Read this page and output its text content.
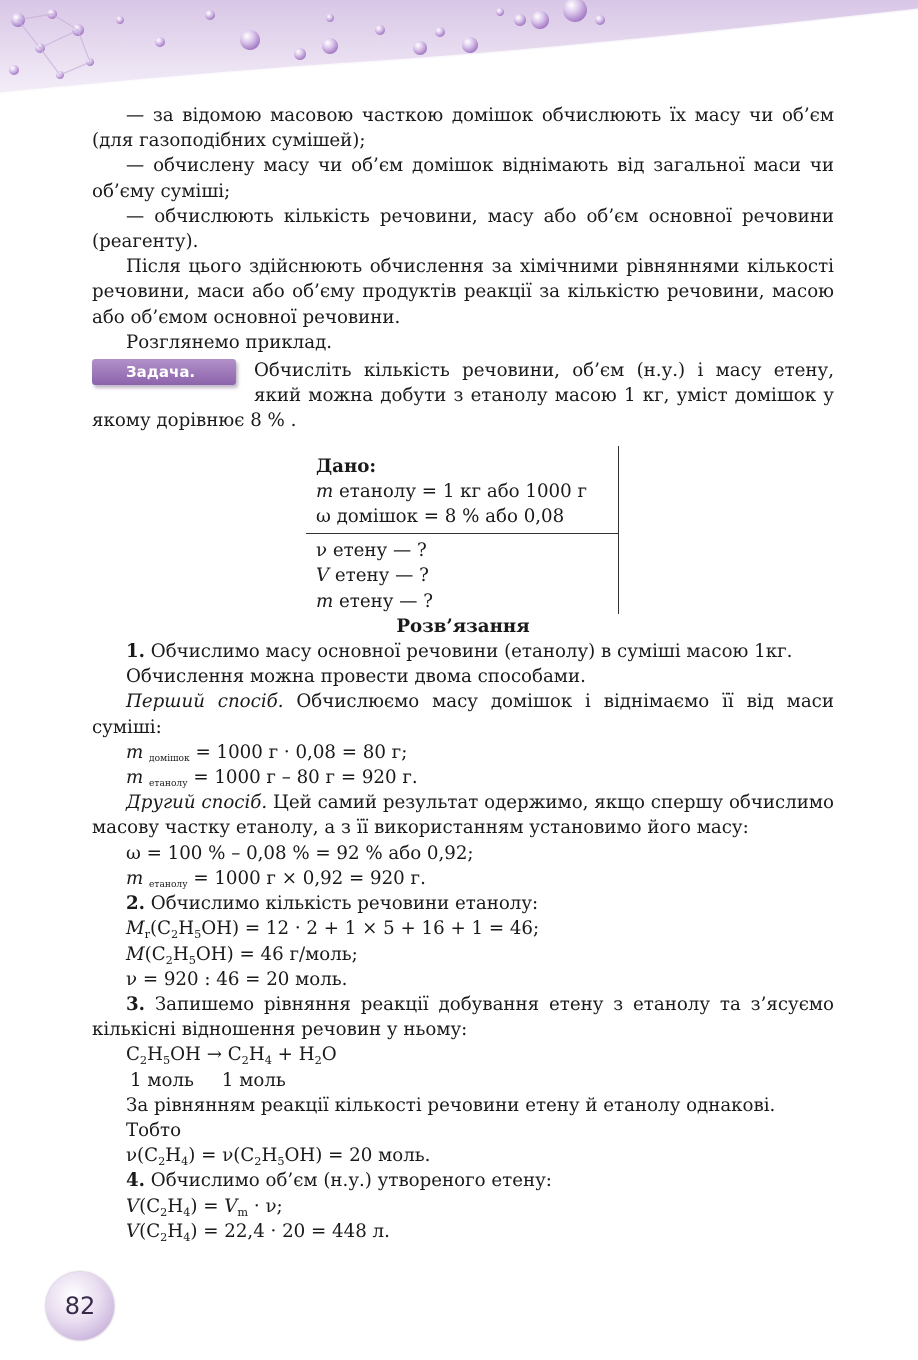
— за відомою масовою часткою домішок обчислюють їх масу чи об’єм (для газоподібних сумішей);

— обчислену масу чи об’єм домішок віднімають від загальної маси чи об’єму суміші;

— обчислюють кількість речовини, масу або об’єм основної речовини (реагенту).

Після цього здійснюють обчислення за хімічними рівняннями кількості речовини, маси або об’єму продуктів реакції за кількістю речовини, масою або об’ємом основної речовини.

Розглянемо приклад.

Задача.	Обчисліть кількість речовини, об’єм (н.у.) і масу етену, який можна добути з етанолу масою 1 кг, уміст домішок у якому дорівнює 8 % .

Дано:
m етанолу = 1 кг або 1000 г
ω домішок = 8 % або 0,08
ν етену — ?
V етену — ?
m етену — ?

Розв’язання

1. Обчислимо масу основної речовини (етанолу) в суміші масою 1кг.

Обчислення можна провести двома способами.

Перший спосіб. Обчислюємо масу домішок і віднімаємо її від маси суміші:

m $_{домішок}$ = 1000 г · 0,08 = 80 г;

m $_{етанолу}$ = 1000 г – 80 г = 920 г.

Другий спосіб. Цей самий результат одержимо, якщо спершу обчислимо масову частку етанолу, а з її використанням установимо його масу:

ω = 100 % – 0,08 % = 92 % або 0,92;

m $_{етанолу}$ = 1000 г × 0,92 = 920 г.

2. Обчислимо кількість речовини етанолу:

$M_r(C_2H_5OH) = 12 \cdot 2 + 1 \times 5 + 16 + 1 = 46$;

$M(C_2H_5OH) = 46$ г/моль;

ν = 920 : 46 = 20 моль.

3. Запишемо рівняння реакції добування етену з етанолу та з’ясуємо кількісні відношення речовин у ньому:

$C_2H_5OH \to C_2H_4 + H_2O$

1 моль 1 моль

За рівнянням реакції кількості речовини етену й етанолу однакові.

Тобто

$\nu(C_2H_4) = \nu(C_2H_5OH) = 20$ моль.

4. Обчислимо об’єм (н.у.) утвореного етену:

$V(C_2H_4) = V_m \cdot \nu$;

$V(C_2H_4) = 22,4 \cdot 20 = 448$ л.

82
